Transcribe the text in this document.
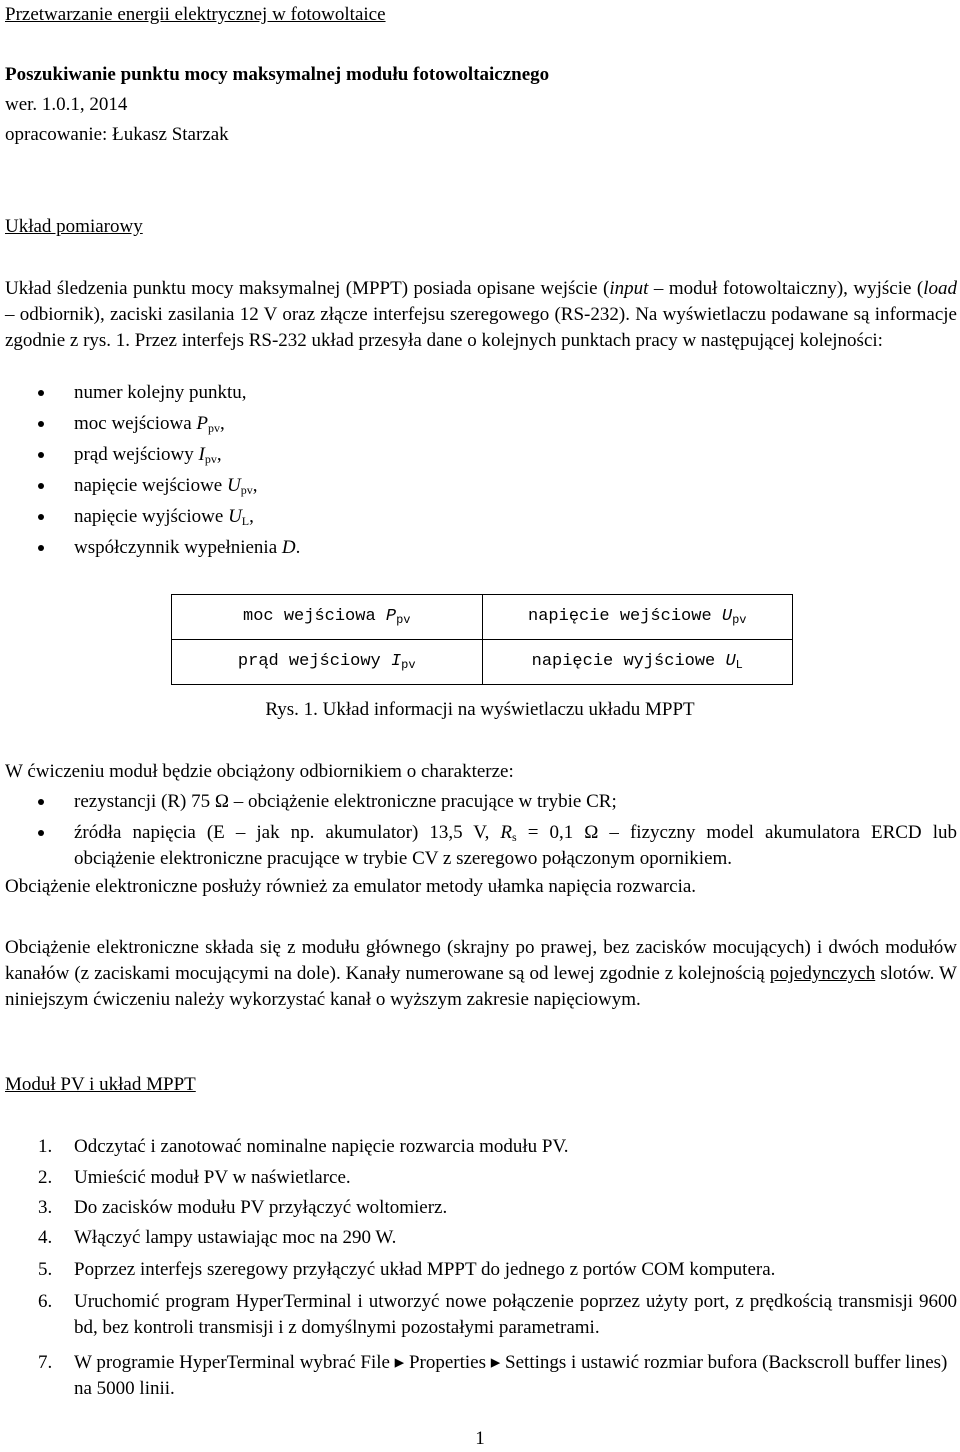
Przetwarzanie energii elektrycznej w fotowoltaice
Poszukiwanie punktu mocy maksymalnej modułu fotowoltaicznego
wer. 1.0.1, 2014
opracowanie: Łukasz Starzak
Układ pomiarowy

Układ śledzenia punktu mocy maksymalnej (MPPT) posiada opisane wejście (input – moduł fotowoltaiczny), wyjście (load – odbiornik), zaciski zasilania 12 V oraz złącze interfejsu szeregowego (RS-232). Na wyświetlaczu podawane są informacje zgodnie z rys. 1. Przez interfejs RS-232 układ przesyła dane o kolejnych punktach pracy w następującej kolejności:

numer kolejny punktu,
moc wejściowa $P_{pv}$,
prąd wejściowy $I_{pv}$,
napięcie wejściowe $U_{pv}$,
napięcie wyjściowe $U_L$,
współczynnik wypełnienia D.
moc wejściowa $P_{pv}$	napięcie wejściowe $U_{pv}$
prąd wejściowy $I_{pv}$	napięcie wyjściowe $U_L$
Rys. 1. Układ informacji na wyświetlaczu układu MPPT
W ćwiczeniu moduł będzie obciążony odbiornikiem o charakterze:
rezystancji (R) 75 Ω – obciążenie elektroniczne pracujące w trybie CR;
źródła napięcia (E – jak np. akumulator) 13,5 V, $R_s = 0,1$ Ω – fizyczny model akumulatora ERCD lub
obciążenie elektroniczne pracujące w trybie CV z szeregowo połączonym opornikiem.
Obciążenie elektroniczne posłuży również za emulator metody ułamka napięcia rozwarcia.

Obciążenie elektroniczne składa się z modułu głównego (skrajny po prawej, bez zacisków mocujących) i dwóch modułów kanałów (z zaciskami mocującymi na dole). Kanały numerowane są od lewej zgodnie z kolejnością pojedynczych slotów. W niniejszym ćwiczeniu należy wykorzystać kanał o wyższym zakresie napięciowym.

Moduł PV i układ MPPT
1. Odczytać i zanotować nominalne napięcie rozwarcia modułu PV.
2. Umieścić moduł PV w naświetlarce.
3. Do zacisków modułu PV przyłączyć woltomierz.
4. Włączyć lampy ustawiając moc na 290 W.
5. Poprzez interfejs szeregowy przyłączyć układ MPPT do jednego z portów COM komputera.
6. Uruchomić program HyperTerminal i utworzyć nowe połączenie poprzez użyty port, z prędkością transmisji 9600 bd, bez kontroli transmisji i z domyślnymi pozostałymi parametrami.
7. W programie HyperTerminal wybrać File ▸ Properties ▸ Settings i ustawić rozmiar bufora (Backscroll buffer lines) na 5000 linii.
1
